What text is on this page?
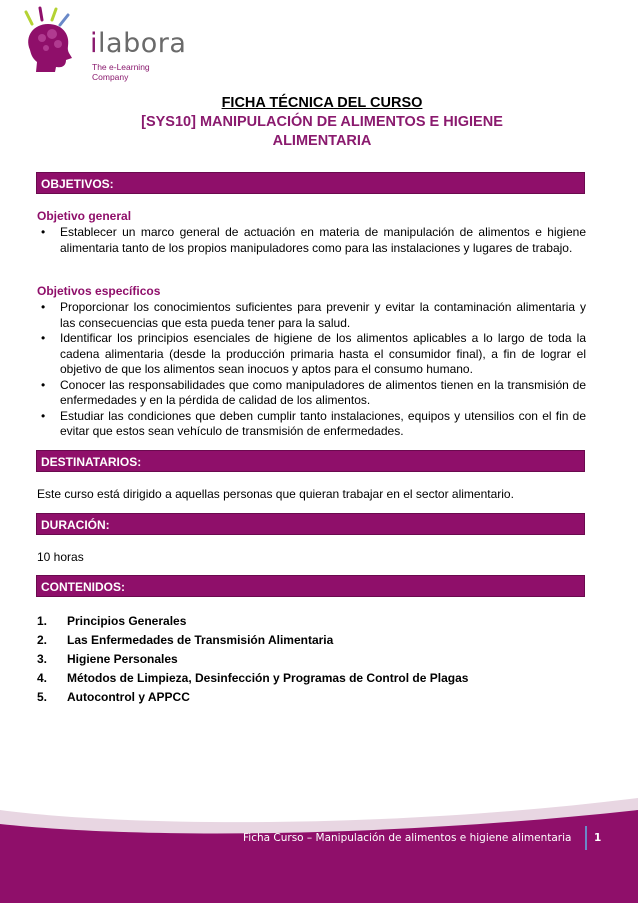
ilabora
The e-Learning Company
FICHA TÉCNICA DEL CURSO
[SYS10] MANIPULACIÓN DE ALIMENTOS E HIGIENE
ALIMENTARIA
OBJETIVOS:
Objetivo general
• Establecer un marco general de actuación en materia de manipulación de alimentos e higiene alimentaria tanto de los propios manipuladores como para las instalaciones y lugares de trabajo.
Objetivos específicos
• Proporcionar los conocimientos suficientes para prevenir y evitar la contaminación alimentaria y las consecuencias que esta pueda tener para la salud.
• Identificar los principios esenciales de higiene de los alimentos aplicables a lo largo de toda la cadena alimentaria (desde la producción primaria hasta el consumidor final), a fin de lograr el objetivo de que los alimentos sean inocuos y aptos para el consumo humano.
• Conocer las responsabilidades que como manipuladores de alimentos tienen en la transmisión de enfermedades y en la pérdida de calidad de los alimentos.
• Estudiar las condiciones que deben cumplir tanto instalaciones, equipos y utensilios con el fin de evitar que estos sean vehículo de transmisión de enfermedades.
DESTINATARIOS:
Este curso está dirigido a aquellas personas que quieran trabajar en el sector alimentario.
DURACIÓN:
10 horas
CONTENIDOS:
1. Principios Generales
2. Las Enfermedades de Transmisión Alimentaria
3. Higiene Personales
4. Métodos de Limpieza, Desinfección y Programas de Control de Plagas
5. Autocontrol y APPCC
Ficha Curso – Manipulación de alimentos e higiene alimentaria 1
